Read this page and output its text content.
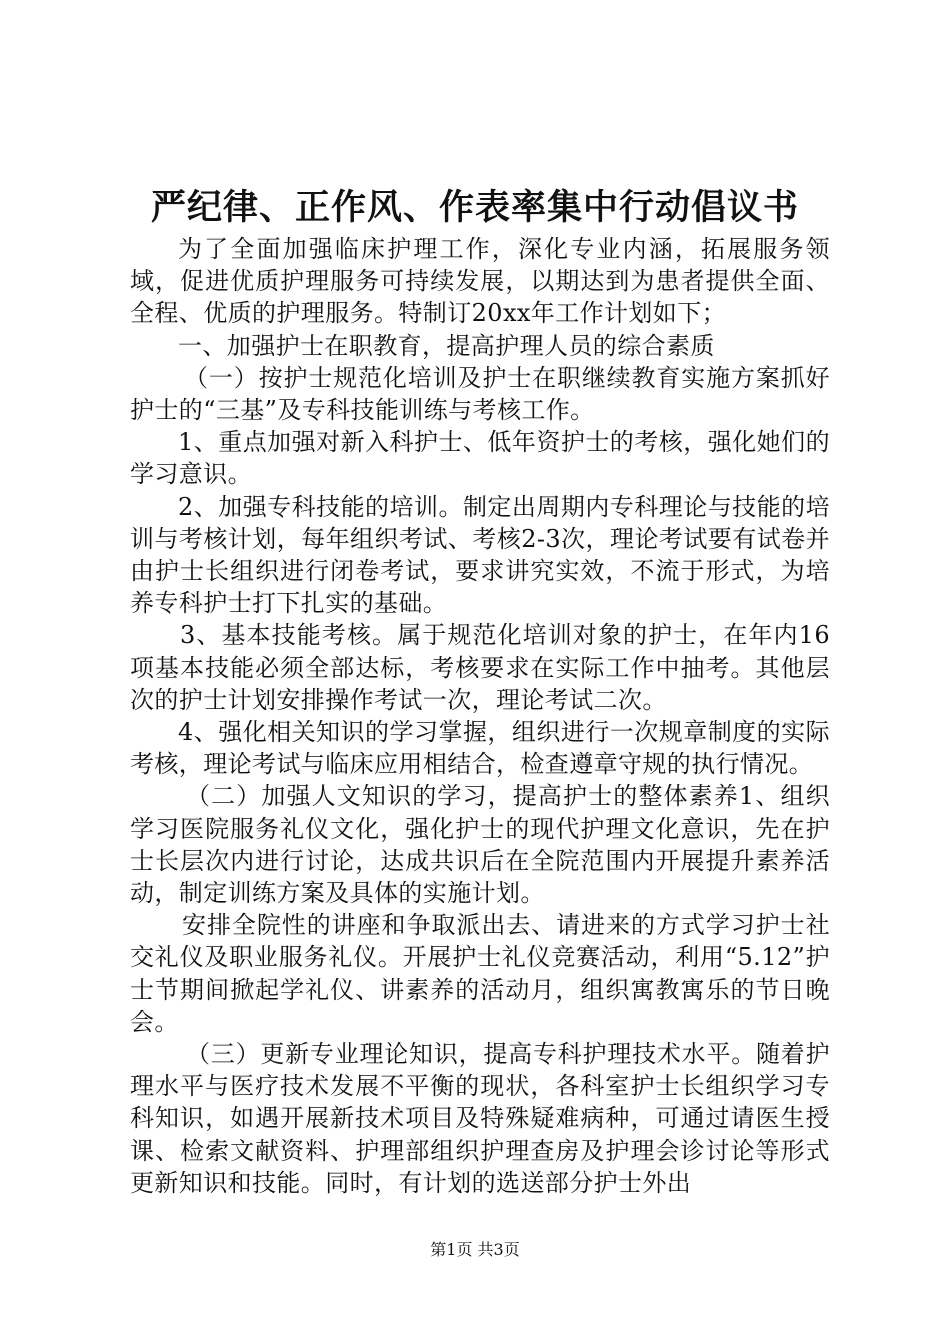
严纪律、正作风、作表率集中行动倡议书

为了全面加强临床护理工作，深化专业内涵，拓展服务领域，促进优质护理服务可持续发展，以期达到为患者提供全面、全程、优质的护理服务。特制订20xx年工作计划如下；

一、加强护士在职教育，提高护理人员的综合素质

（一）按护士规范化培训及护士在职继续教育实施方案抓好护士的“三基”及专科技能训练与考核工作。

1、重点加强对新入科护士、低年资护士的考核，强化她们的学习意识。

2、加强专科技能的培训。制定出周期内专科理论与技能的培训与考核计划，每年组织考试、考核2-3次，理论考试要有试卷并由护士长组织进行闭卷考试，要求讲究实效，不流于形式，为培养专科护士打下扎实的基础。

3、基本技能考核。属于规范化培训对象的护士，在年内16项基本技能必须全部达标，考核要求在实际工作中抽考。其他层次的护士计划安排操作考试一次，理论考试二次。

4、强化相关知识的学习掌握，组织进行一次规章制度的实际考核，理论考试与临床应用相结合，检查遵章守规的执行情况。

（二）加强人文知识的学习，提高护士的整体素养1、组织学习医院服务礼仪文化，强化护士的现代护理文化意识，先在护士长层次内进行讨论，达成共识后在全院范围内开展提升素养活动，制定训练方案及具体的实施计划。

安排全院性的讲座和争取派出去、请进来的方式学习护士社交礼仪及职业服务礼仪。开展护士礼仪竞赛活动，利用“5.12”护士节期间掀起学礼仪、讲素养的活动月，组织寓教寓乐的节日晚会。

（三）更新专业理论知识，提高专科护理技术水平。随着护理水平与医疗技术发展不平衡的现状，各科室护士长组织学习专科知识，如遇开展新技术项目及特殊疑难病种，可通过请医生授课、检索文献资料、护理部组织护理查房及护理会诊讨论等形式更新知识和技能。同时，有计划的选送部分护士外出

第1页 共3页
